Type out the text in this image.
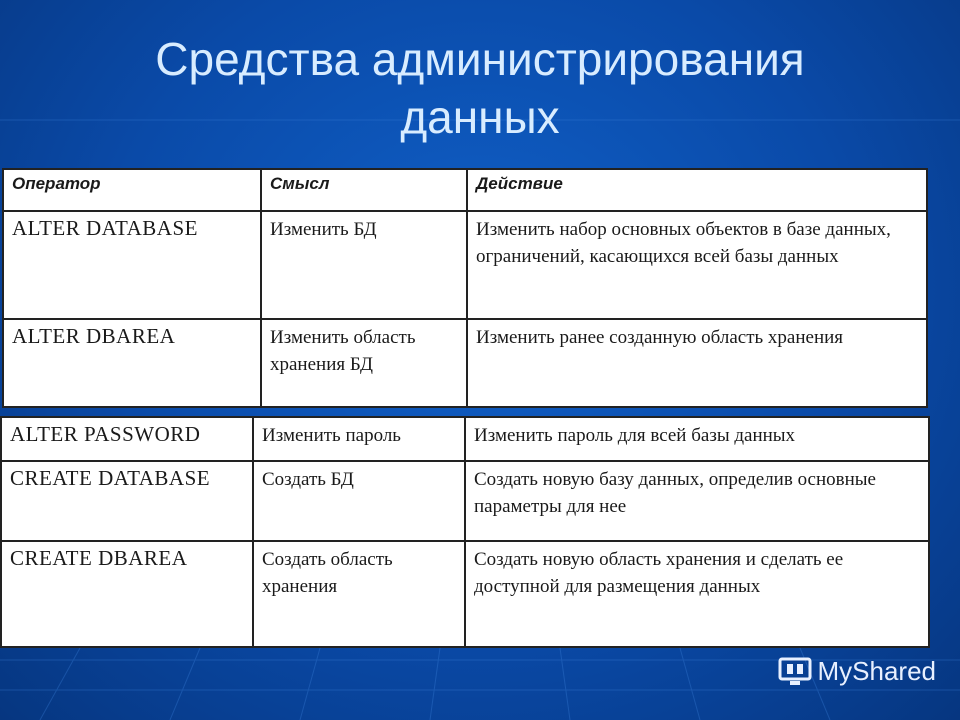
Средства администрирования
данных
Оператор	Смысл	Действие
ALTER DATABASE	Изменить БД	Изменить набор основных объектов в базе данных, ограничений, касающихся всей базы данных
ALTER DBAREA	Изменить область хранения БД	Изменить ранее созданную область хранения
ALTER PASSWORD	Изменить пароль	Изменить пароль для всей базы данных
CREATE DATABASE	Создать БД	Создать новую базу данных, определив основные параметры для нее
CREATE DBAREA	Создать область хранения	Создать новую область хранения и сделать ее доступной для размещения данных
MyShared
